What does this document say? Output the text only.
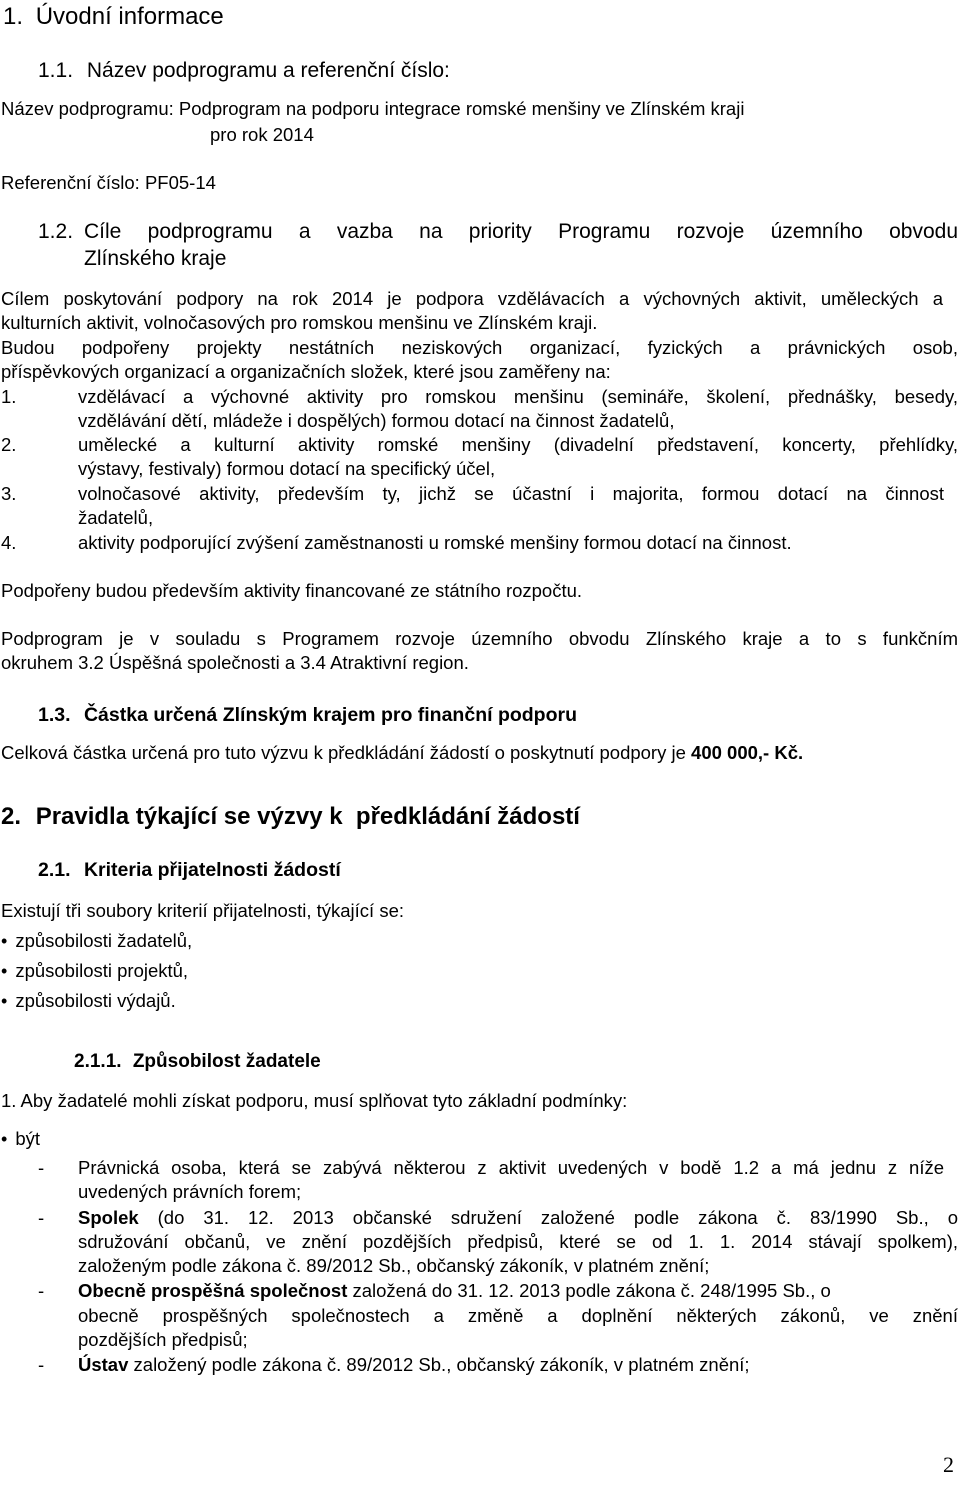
1. Úvodní informace
1.1. Název podprogramu a referenční číslo:
Název podprogramu: Podprogram na podporu integrace romské menšiny ve Zlínském kraji
pro rok 2014
Referenční číslo: PF05-14
1.2. Cíle podprogramu a vazba na priority Programu rozvoje územního obvodu
Zlínského kraje
Cílem poskytování podpory na rok 2014 je podpora vzdělávacích a výchovných aktivit, uměleckých a
kulturních aktivit, volnočasových pro romskou menšinu ve Zlínském kraji.
Budou podpořeny projekty nestátních neziskových organizací, fyzických a právnických osob,
příspěvkových organizací a organizačních složek, které jsou zaměřeny na:
1.	vzdělávací a výchovné aktivity pro romskou menšinu (semináře, školení, přednášky, besedy,
vzdělávání dětí, mládeže i dospělých) formou dotací na činnost žadatelů,
2.	umělecké a kulturní aktivity romské menšiny (divadelní představení, koncerty, přehlídky,
výstavy, festivaly) formou dotací na specifický účel,
3.	volnočasové aktivity, především ty, jichž se účastní i majorita, formou dotací na činnost
žadatelů,
4.	aktivity podporující zvýšení zaměstnanosti u romské menšiny formou dotací na činnost.
Podpořeny budou především aktivity financované ze státního rozpočtu.
Podprogram je v souladu s Programem rozvoje územního obvodu Zlínského kraje a to s funkčním
okruhem 3.2 Úspěšná společnosti a 3.4 Atraktivní region.
1.3. Částka určená Zlínským krajem pro finanční podporu
Celková částka určená pro tuto výzvu k předkládání žádostí o poskytnutí podpory je 400 000,- Kč.
2. Pravidla týkající se výzvy k  předkládání žádostí
2.1. Kriteria přijatelnosti žádostí
Existují tři soubory kriterií přijatelnosti, týkající se:
• způsobilosti žadatelů,
• způsobilosti projektů,
• způsobilosti výdajů.
2.1.1. Způsobilost žadatele
1. Aby žadatelé mohli získat podporu, musí splňovat tyto základní podmínky:
• být
- Právnická osoba, která se zabývá některou z aktivit uvedených v bodě 1.2 a má jednu z níže
uvedených právních forem;
- Spolek (do 31. 12. 2013 občanské sdružení založené podle zákona č. 83/1990 Sb., o
sdružování občanů, ve znění pozdějších předpisů, které se od 1. 1. 2014 stávají spolkem),
založeným podle zákona č. 89/2012 Sb., občanský zákoník, v platném znění;
- Obecně prospěšná společnost založená do 31. 12. 2013 podle zákona č. 248/1995 Sb., o
obecně prospěšných společnostech a změně a doplnění některých zákonů, ve znění
pozdějších předpisů;
- Ústav založený podle zákona č. 89/2012 Sb., občanský zákoník, v platném znění;
2
